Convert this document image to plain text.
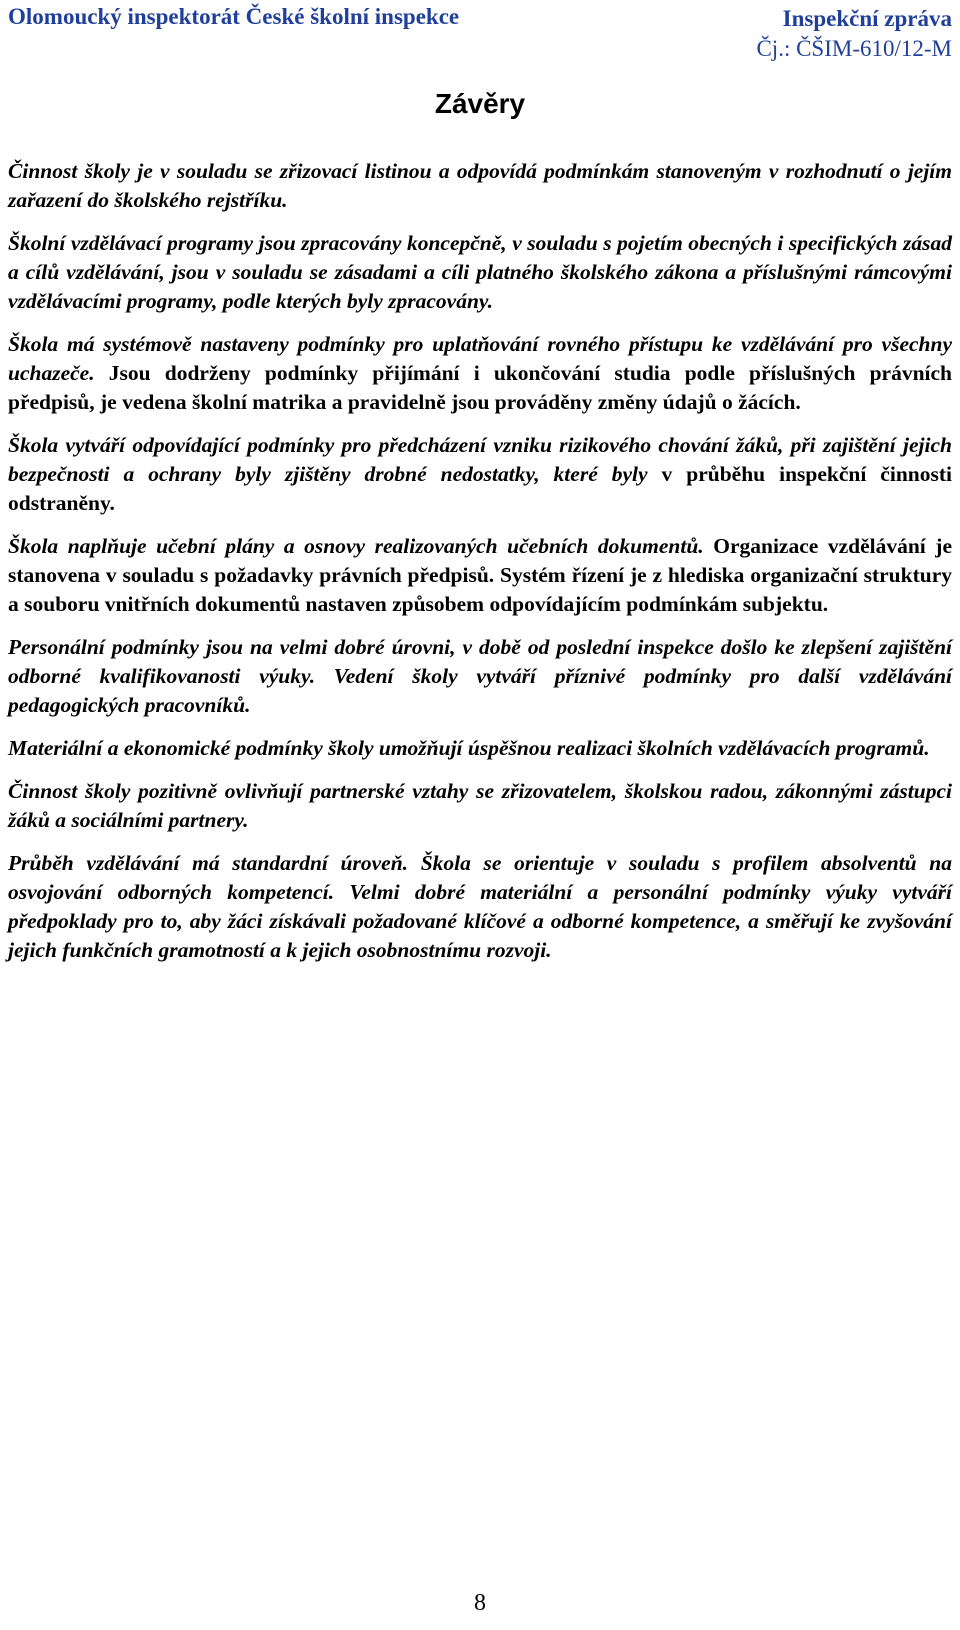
Olomoucký inspektorát České školní inspekce	Inspekční zpráva
Čj.: ČŠIM-610/12-M
Závěry

Činnost školy je v souladu se zřizovací listinou a odpovídá podmínkám stanoveným v rozhodnutí o jejím zařazení do školského rejstříku.

Školní vzdělávací programy jsou zpracovány koncepčně, v souladu s pojetím obecných i specifických zásad a cílů vzdělávání, jsou v souladu se zásadami a cíli platného školského zákona a příslušnými rámcovými vzdělávacími programy, podle kterých byly zpracovány.

Škola má systémově nastaveny podmínky pro uplatňování rovného přístupu ke vzdělávání pro všechny uchazeče. Jsou dodrženy podmínky přijímání i ukončování studia podle příslušných právních předpisů, je vedena školní matrika a pravidelně jsou prováděny změny údajů o žácích.

Škola vytváří odpovídající podmínky pro předcházení vzniku rizikového chování žáků, při zajištění jejich bezpečnosti a ochrany byly zjištěny drobné nedostatky, které byly v průběhu inspekční činnosti odstraněny.

Škola naplňuje učební plány a osnovy realizovaných učebních dokumentů. Organizace vzdělávání je stanovena v souladu s požadavky právních předpisů. Systém řízení je z hlediska organizační struktury a souboru vnitřních dokumentů nastaven způsobem odpovídajícím podmínkám subjektu.

Personální podmínky jsou na velmi dobré úrovni, v době od poslední inspekce došlo ke zlepšení zajištění odborné kvalifikovanosti výuky. Vedení školy vytváří příznivé podmínky pro další vzdělávání pedagogických pracovníků.

Materiální a ekonomické podmínky školy umožňují úspěšnou realizaci školních vzdělávacích programů.

Činnost školy pozitivně ovlivňují partnerské vztahy se zřizovatelem, školskou radou, zákonnými zástupci žáků a sociálními partnery.

Průběh vzdělávání má standardní úroveň. Škola se orientuje v souladu s profilem absolventů na osvojování odborných kompetencí. Velmi dobré materiální a personální podmínky výuky vytváří předpoklady pro to, aby žáci získávali požadované klíčové a odborné kompetence, a směřují ke zvyšování jejich funkčních gramotností a k jejich osobnostnímu rozvoji.

8
